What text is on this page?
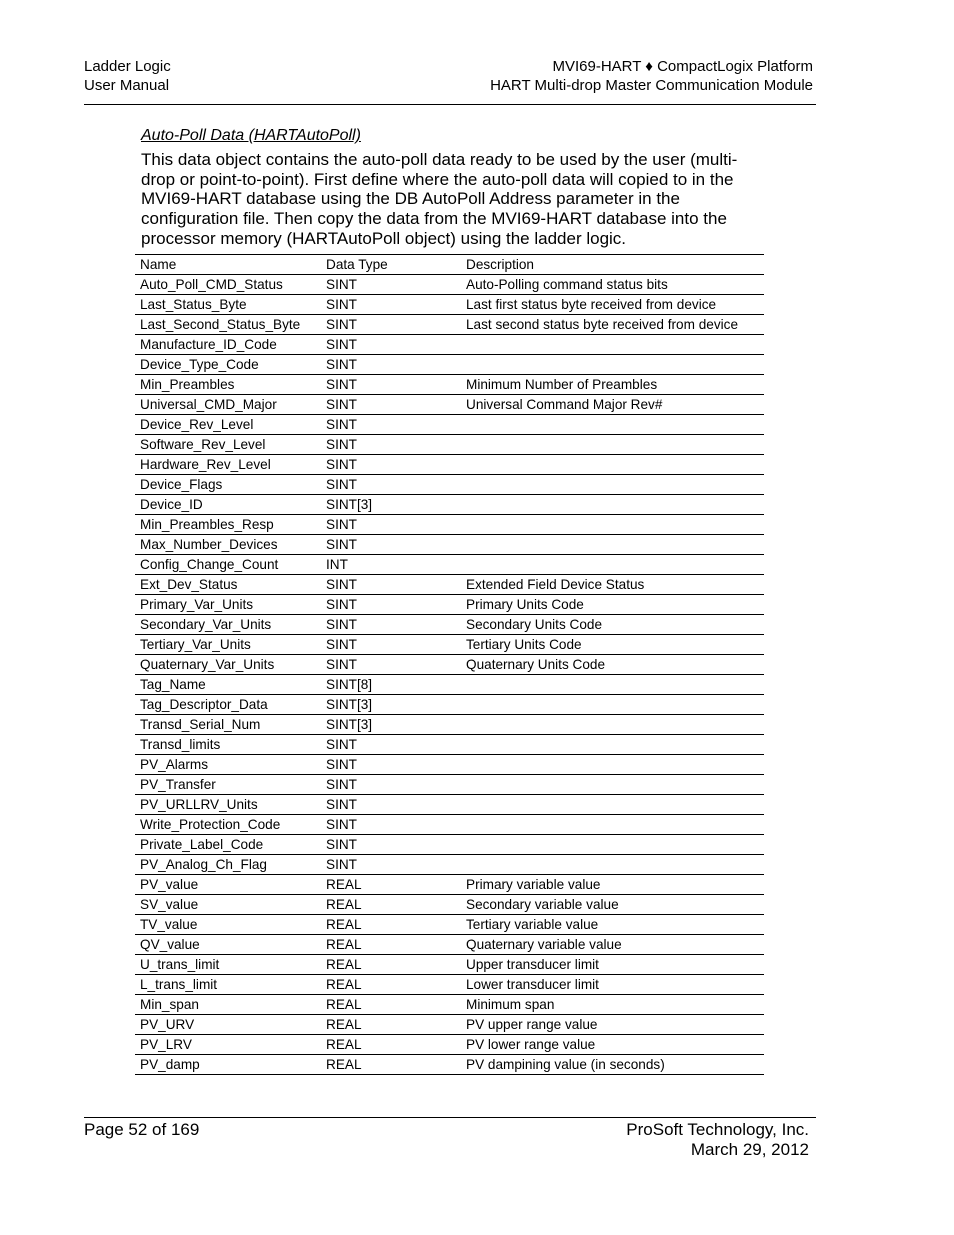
Ladder Logic
User Manual
MVI69-HART ♦ CompactLogix Platform
HART Multi-drop Master Communication Module
Auto-Poll Data (HARTAutoPoll)
This data object contains the auto-poll data ready to be used by the user (multi-drop or point-to-point). First define where the auto-poll data will copied to in the MVI69-HART database using the DB AutoPoll Address parameter in the configuration file. Then copy the data from the MVI69-HART database into the processor memory (HARTAutoPoll object) using the ladder logic.
Name	Data Type	Description
Auto_Poll_CMD_Status	SINT	Auto-Polling command status bits
Last_Status_Byte	SINT	Last first status byte received from device
Last_Second_Status_Byte	SINT	Last second status byte received from device
Manufacture_ID_Code	SINT	
Device_Type_Code	SINT	
Min_Preambles	SINT	Minimum Number of Preambles
Universal_CMD_Major	SINT	Universal Command Major Rev#
Device_Rev_Level	SINT	
Software_Rev_Level	SINT	
Hardware_Rev_Level	SINT	
Device_Flags	SINT	
Device_ID	SINT[3]	
Min_Preambles_Resp	SINT	
Max_Number_Devices	SINT	
Config_Change_Count	INT	
Ext_Dev_Status	SINT	Extended Field Device Status
Primary_Var_Units	SINT	Primary Units Code
Secondary_Var_Units	SINT	Secondary Units Code
Tertiary_Var_Units	SINT	Tertiary Units Code
Quaternary_Var_Units	SINT	Quaternary Units Code
Tag_Name	SINT[8]	
Tag_Descriptor_Data	SINT[3]	
Transd_Serial_Num	SINT[3]	
Transd_limits	SINT	
PV_Alarms	SINT	
PV_Transfer	SINT	
PV_URLLRV_Units	SINT	
Write_Protection_Code	SINT	
Private_Label_Code	SINT	
PV_Analog_Ch_Flag	SINT	
PV_value	REAL	Primary variable value
SV_value	REAL	Secondary variable value
TV_value	REAL	Tertiary variable value
QV_value	REAL	Quaternary variable value
U_trans_limit	REAL	Upper transducer limit
L_trans_limit	REAL	Lower transducer limit
Min_span	REAL	Minimum span
PV_URV	REAL	PV upper range value
PV_LRV	REAL	PV lower range value
PV_damp	REAL	PV dampining value (in seconds)
Page 52 of 169	ProSoft Technology, Inc.
March 29, 2012
